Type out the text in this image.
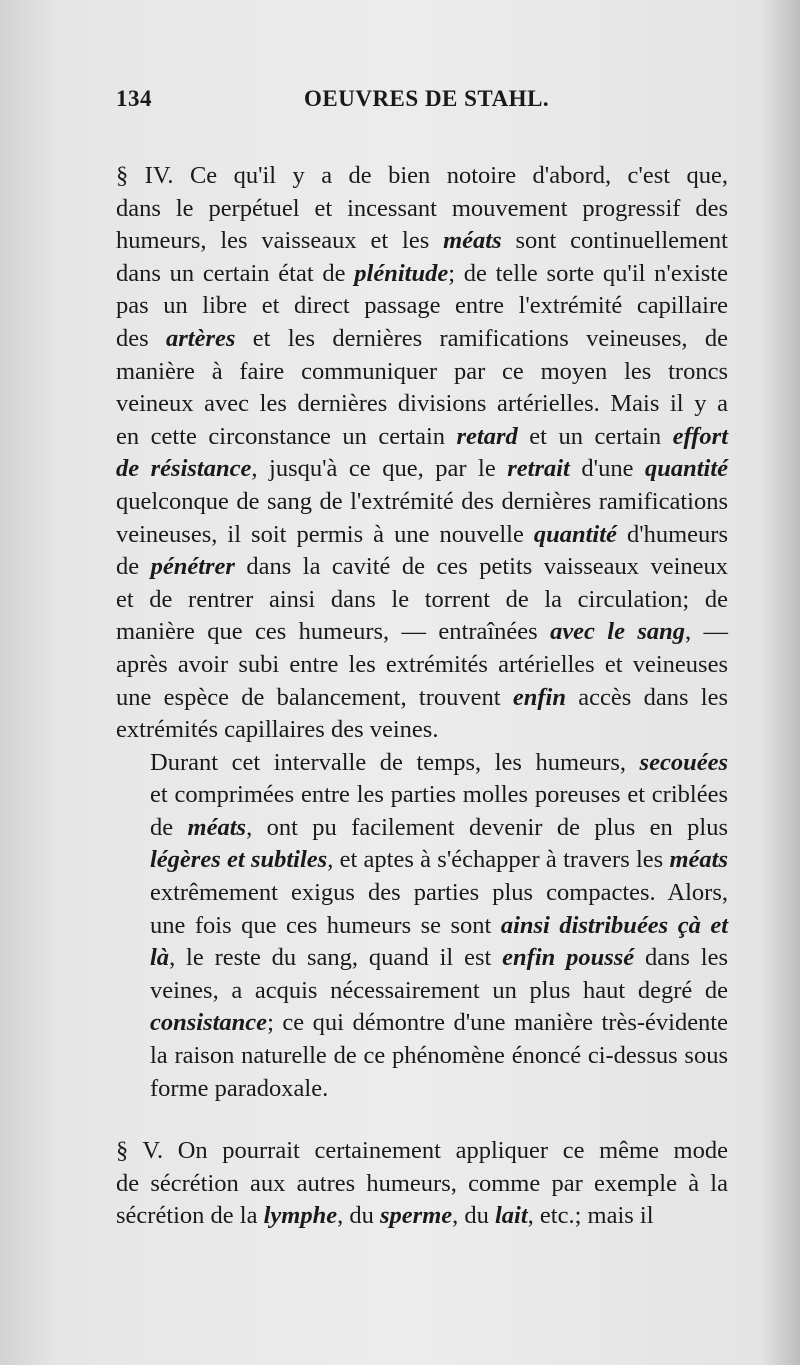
134	OEUVRES DE STAHL.

§ IV. Ce qu'il y a de bien notoire d'abord, c'est que,
dans le perpétuel et incessant mouvement progressif des
humeurs, les vaisseaux et les méats sont continuellement
dans un certain état de plénitude; de telle sorte qu'il n'existe
pas un libre et direct passage entre l'extrémité capillaire
des artères et les dernières ramifications veineuses, de
manière à faire communiquer par ce moyen les troncs
veineux avec les dernières divisions artérielles. Mais il y a
en cette circonstance un certain retard et un certain effort
de résistance, jusqu'à ce que, par le retrait d'une quantité
quelconque de sang de l'extrémité des dernières ramifications
veineuses, il soit permis à une nouvelle quantité d'humeurs
de pénétrer dans la cavité de ces petits vaisseaux veineux
et de rentrer ainsi dans le torrent de la circulation; de
manière que ces humeurs, — entraînées avec le sang, —
après avoir subi entre les extrémités artérielles et veineuses
une espèce de balancement, trouvent enfin accès dans les
extrémités capillaires des veines.

Durant cet intervalle de temps, les humeurs, secouées
et comprimées entre les parties molles poreuses et criblées
de méats, ont pu facilement devenir de plus en plus
légères et subtiles, et aptes à s'échapper à travers les méats
extrêmement exigus des parties plus compactes. Alors,
une fois que ces humeurs se sont ainsi distribuées çà et
là, le reste du sang, quand il est enfin poussé dans les
veines, a acquis nécessairement un plus haut degré de
consistance; ce qui démontre d'une manière très-évidente
la raison naturelle de ce phénomène énoncé ci-dessus sous
forme paradoxale.

§ V. On pourrait certainement appliquer ce même mode
de sécrétion aux autres humeurs, comme par exemple à la
sécrétion de la lymphe, du sperme, du lait, etc.; mais il
